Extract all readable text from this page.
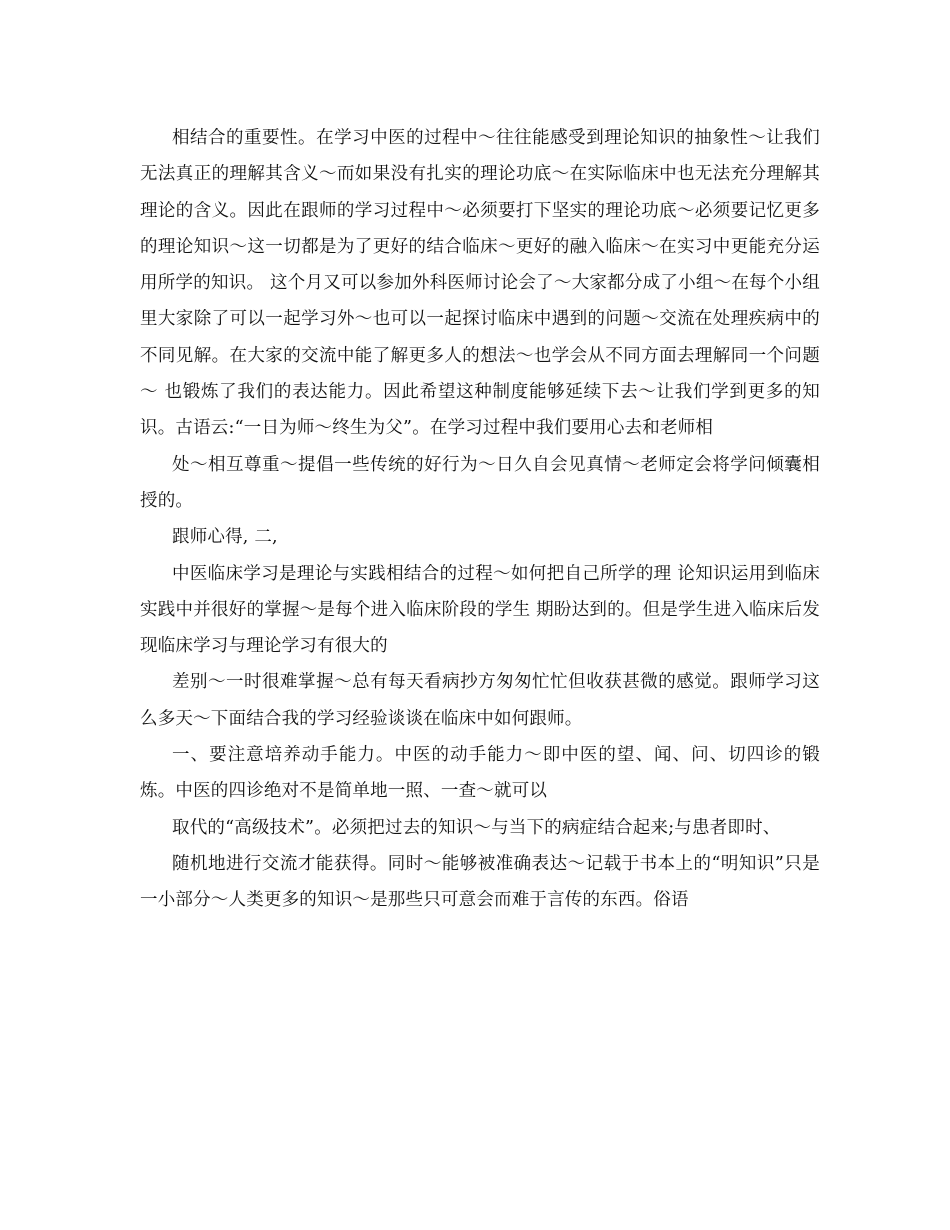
相结合的重要性。在学习中医的过程中～往往能感受到理论知识的抽象性～让我们无法真正的理解其含义～而如果没有扎实的理论功底～在实际临床中也无法充分理解其理论的含义。因此在跟师的学习过程中～必须要打下坚实的理论功底～必须要记忆更多的理论知识～这一切都是为了更好的结合临床～更好的融入临床～在实习中更能充分运用所学的知识。 这个月又可以参加外科医师讨论会了～大家都分成了小组～在每个小组里大家除了可以一起学习外～也可以一起探讨临床中遇到的问题～交流在处理疾病中的不同见解。在大家的交流中能了解更多人的想法～也学会从不同方面去理解同一个问题～ 也锻炼了我们的表达能力。因此希望这种制度能够延续下去～让我们学到更多的知识。古语云:“一日为师～终生为父”。在学习过程中我们要用心去和老师相

处～相互尊重～提倡一些传统的好行为～日久自会见真情～老师定会将学问倾囊相授的。

跟师心得, 二,

中医临床学习是理论与实践相结合的过程～如何把自己所学的理 论知识运用到临床实践中并很好的掌握～是每个进入临床阶段的学生 期盼达到的。但是学生进入临床后发现临床学习与理论学习有很大的

差别～一时很难掌握～总有每天看病抄方匆匆忙忙但收获甚微的感觉。跟师学习这么多天～下面结合我的学习经验谈谈在临床中如何跟师。

一、要注意培养动手能力。中医的动手能力～即中医的望、闻、问、切四诊的锻炼。中医的四诊绝对不是简单地一照、一查～就可以

取代的“高级技术”。必须把过去的知识～与当下的病症结合起来;与患者即时、

随机地进行交流才能获得。同时～能够被准确表达～记载于书本上的“明知识”只是一小部分～人类更多的知识～是那些只可意会而难于言传的东西。俗语
